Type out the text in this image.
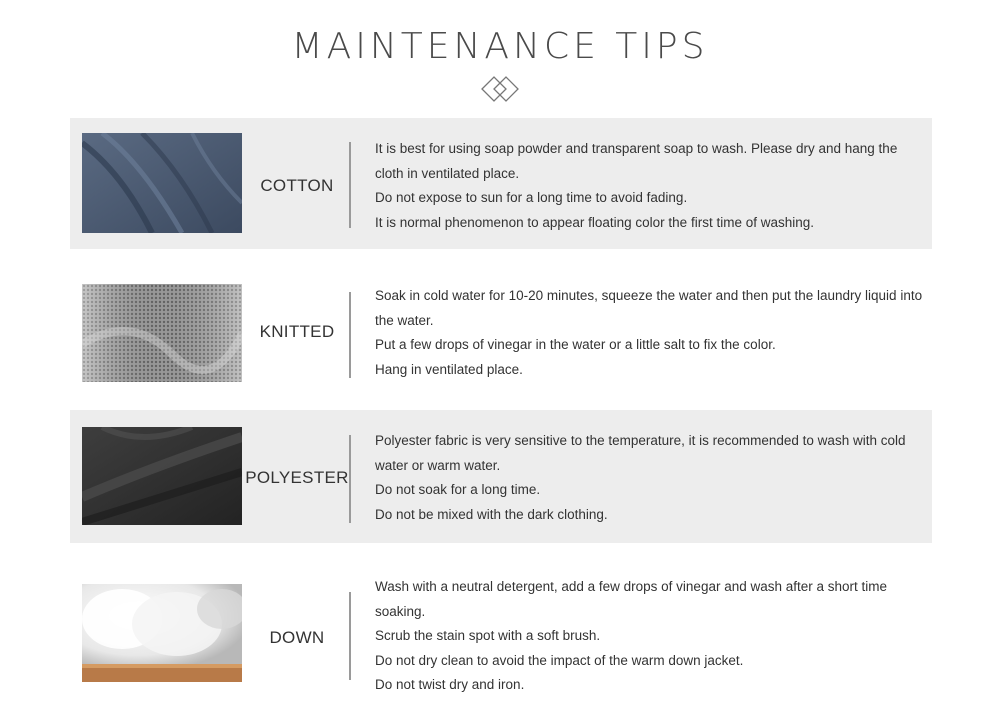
MAINTENANCE TIPS
COTTON
It is best for using soap powder and transparent soap to wash. Please dry and hang the cloth in ventilated place.
Do not expose to sun for a long time to avoid fading.
It is normal phenomenon to appear floating color the first time of washing.
KNITTED
Soak in cold water for 10-20 minutes, squeeze the water and then put the laundry liquid into the water.
Put a few drops of vinegar in the water or a little salt to fix the color.
Hang in ventilated place.
POLYESTER
Polyester fabric is very sensitive to the temperature, it is recommended to wash with cold water or warm water.
Do not soak for a long time.
Do not be mixed with the dark clothing.
DOWN
Wash with a neutral detergent, add a few drops of vinegar and wash after a short time soaking.
Scrub the stain spot with a soft brush.
Do not dry clean to avoid the impact of the warm down jacket.
Do not twist dry and iron.
